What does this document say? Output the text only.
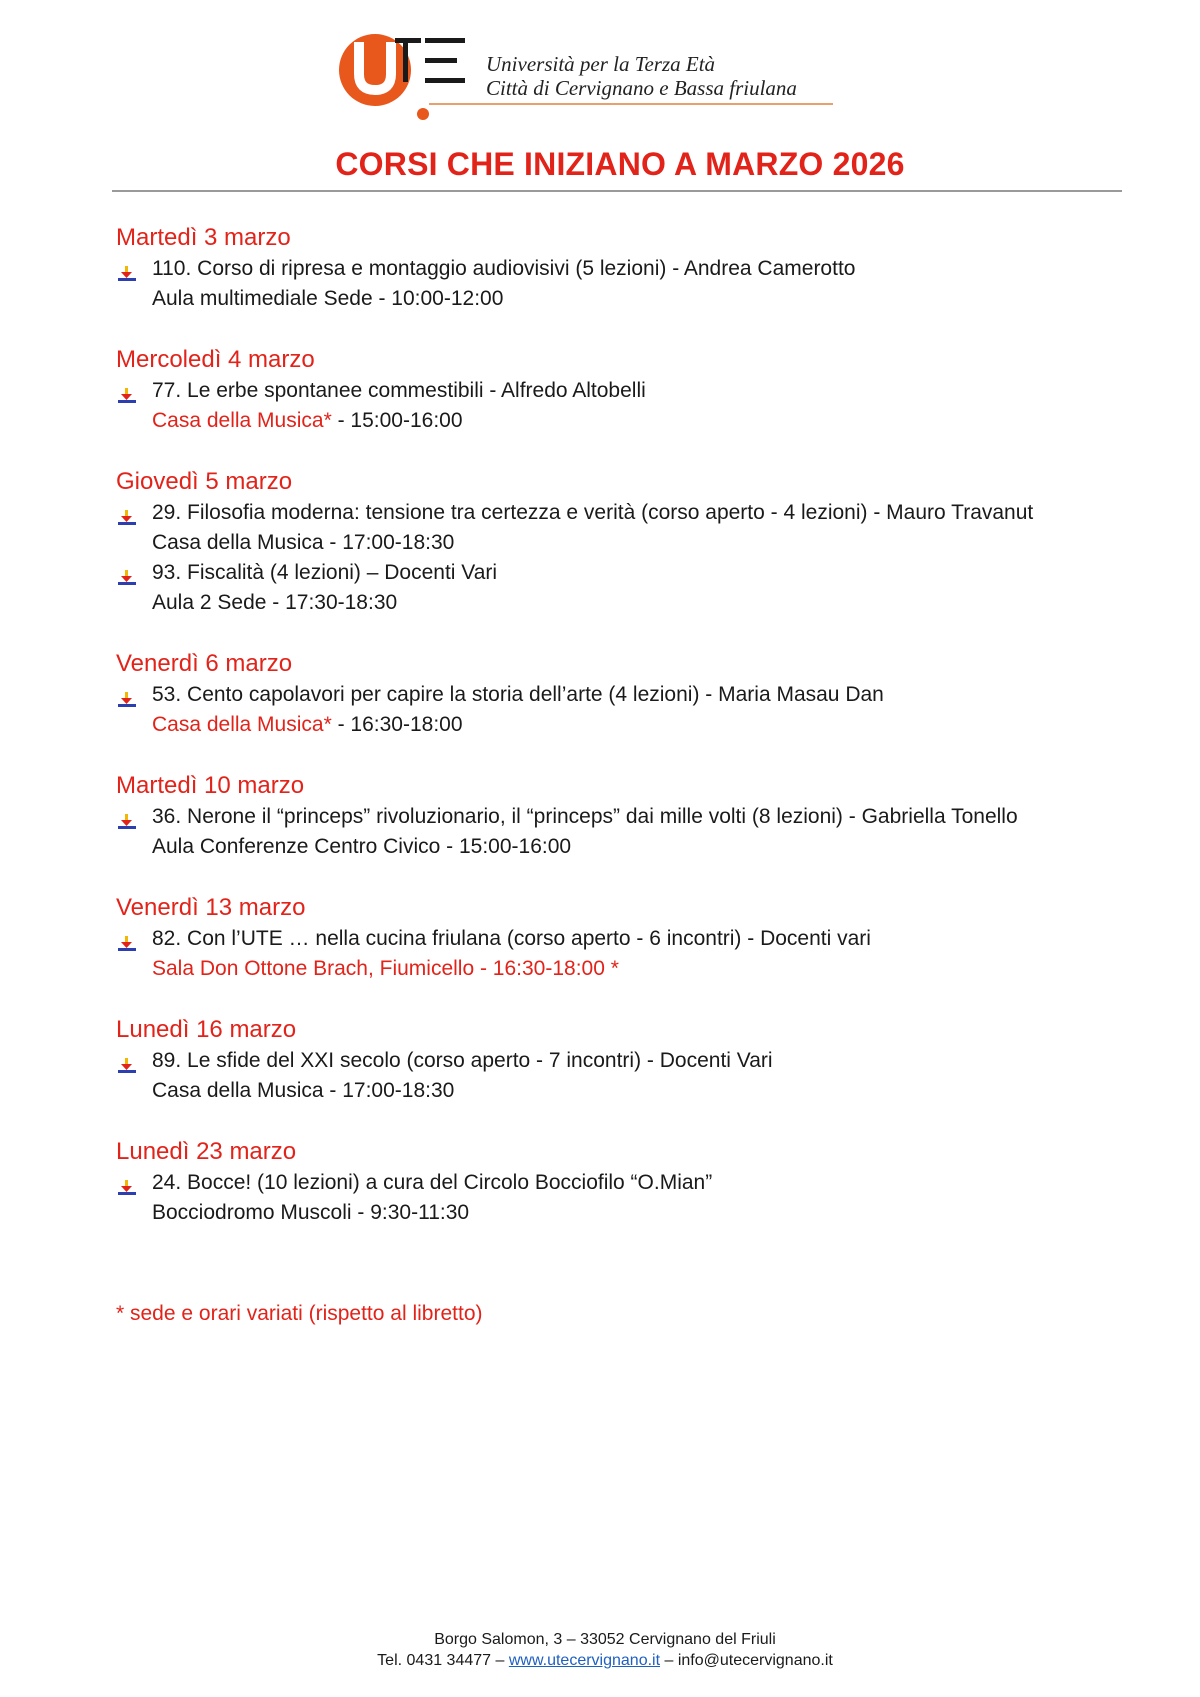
Università per la Terza Età
Città di Cervignano e Bassa friulana
CORSI CHE INIZIANO A MARZO 2026
Martedì 3 marzo
110. Corso di ripresa e montaggio audiovisivi (5 lezioni) - Andrea Camerotto
Aula multimediale Sede - 10:00-12:00
Mercoledì 4 marzo
77. Le erbe spontanee commestibili - Alfredo Altobelli
Casa della Musica* - 15:00-16:00
Giovedì 5 marzo
29. Filosofia moderna: tensione tra certezza e verità (corso aperto - 4 lezioni) - Mauro Travanut
Casa della Musica - 17:00-18:30
93. Fiscalità (4 lezioni) – Docenti Vari
Aula 2 Sede - 17:30-18:30
Venerdì 6 marzo
53. Cento capolavori per capire la storia dell’arte (4 lezioni) - Maria Masau Dan
Casa della Musica* - 16:30-18:00
Martedì 10 marzo
36. Nerone il “princeps” rivoluzionario, il “princeps” dai mille volti (8 lezioni) - Gabriella Tonello
Aula Conferenze Centro Civico - 15:00-16:00
Venerdì 13 marzo
82. Con l’UTE … nella cucina friulana (corso aperto - 6 incontri) - Docenti vari
Sala Don Ottone Brach, Fiumicello - 16:30-18:00 *
Lunedì 16 marzo
89. Le sfide del XXI secolo (corso aperto - 7 incontri) - Docenti Vari
Casa della Musica - 17:00-18:30
Lunedì 23 marzo
24. Bocce! (10 lezioni) a cura del Circolo Bocciofilo “O.Mian”
Bocciodromo Muscoli - 9:30-11:30
* sede e orari variati (rispetto al libretto)
Borgo Salomon, 3 – 33052 Cervignano del Friuli
Tel. 0431 34477 – www.utecervignano.it – info@utecervignano.it
